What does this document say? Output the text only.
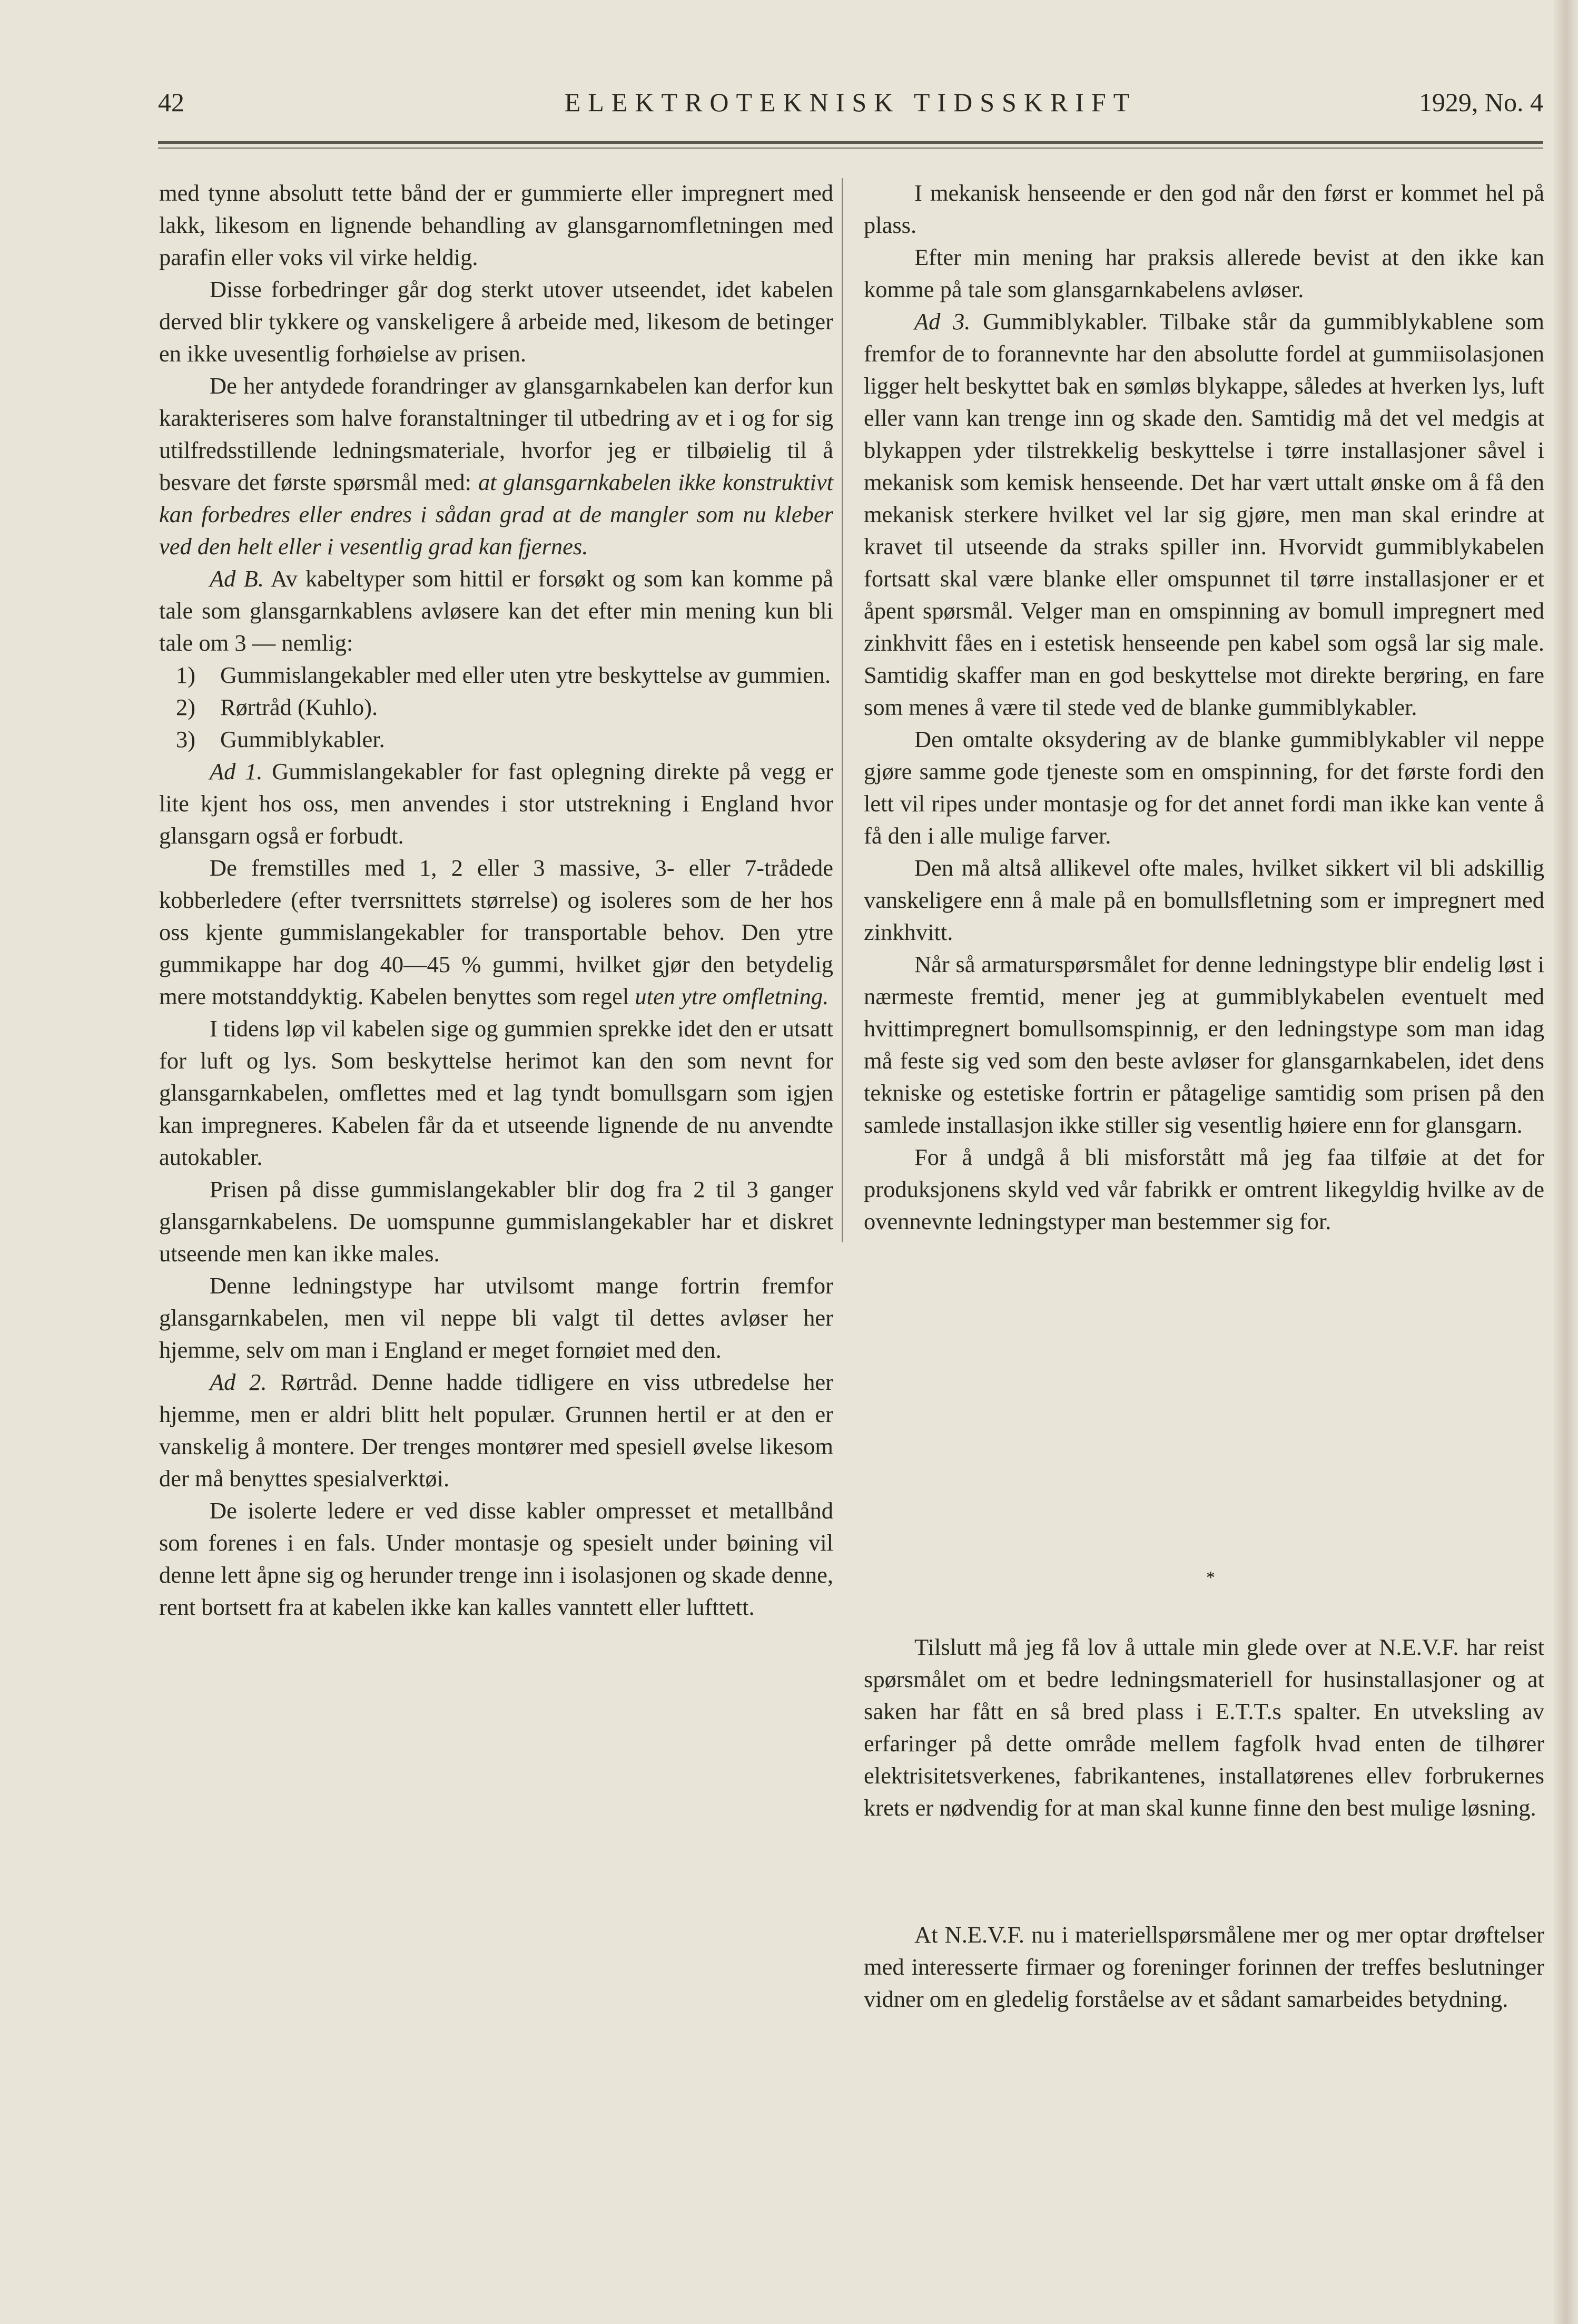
42	ELEKTROTEKNISK TIDSSKRIFT	1929, No. 4

med tynne absolutt tette bånd der er gummierte eller impregnert med lakk, likesom en lignende behandling av glansgarnomfletningen med parafin eller voks vil virke heldig.

Disse forbedringer går dog sterkt utover utseendet, idet kabelen derved blir tykkere og vanskeligere å arbeide med, likesom de betinger en ikke uvesentlig forhøielse av prisen.

De her antydede forandringer av glansgarnkabelen kan derfor kun karakteriseres som halve foranstaltninger til utbedring av et i og for sig utilfredsstillende ledningsmateriale, hvorfor jeg er tilbøielig til å besvare det første spørsmål med: at glansgarnkabelen ikke konstruktivt kan forbedres eller endres i sådan grad at de mangler som nu kleber ved den helt eller i vesentlig grad kan fjernes.

Ad B. Av kabeltyper som hittil er forsøkt og som kan komme på tale som glansgarnkablens avløsere kan det efter min mening kun bli tale om 3 — nemlig:

1) Gummislangekabler med eller uten ytre beskyttelse av gummien.

2) Rørtråd (Kuhlo).

3) Gummiblykabler.

Ad 1. Gummislangekabler for fast oplegning direkte på vegg er lite kjent hos oss, men anvendes i stor utstrekning i England hvor glansgarn også er forbudt.

De fremstilles med 1, 2 eller 3 massive, 3- eller 7-trådede kobberledere (efter tverrsnittets størrelse) og isoleres som de her hos oss kjente gummislangekabler for transportable behov. Den ytre gummikappe har dog 40—45 % gummi, hvilket gjør den betydelig mere motstanddyktig. Kabelen benyttes som regel uten ytre omfletning.

I tidens løp vil kabelen sige og gummien sprekke idet den er utsatt for luft og lys. Som beskyttelse herimot kan den som nevnt for glansgarnkabelen, omflettes med et lag tyndt bomullsgarn som igjen kan impregneres. Kabelen får da et utseende lignende de nu anvendte autokabler.

Prisen på disse gummislangekabler blir dog fra 2 til 3 ganger glansgarnkabelens. De uomspunne gummislangekabler har et diskret utseende men kan ikke males.

Denne ledningstype har utvilsomt mange fortrin fremfor glansgarnkabelen, men vil neppe bli valgt til dettes avløser her hjemme, selv om man i England er meget fornøiet med den.

Ad 2. Rørtråd. Denne hadde tidligere en viss utbredelse her hjemme, men er aldri blitt helt populær. Grunnen hertil er at den er vanskelig å montere. Der trenges montører med spesiell øvelse likesom der må benyttes spesialverktøi.

De isolerte ledere er ved disse kabler ompresset et metallbånd som forenes i en fals. Under montasje og spesielt under bøining vil denne lett åpne sig og herunder trenge inn i isolasjonen og skade denne, rent bortsett fra at kabelen ikke kan kalles vanntett eller lufttett.

I mekanisk henseende er den god når den først er kommet hel på plass.

Efter min mening har praksis allerede bevist at den ikke kan komme på tale som glansgarnkabelens avløser.

Ad 3. Gummiblykabler. Tilbake står da gummiblykablene som fremfor de to forannevnte har den absolutte fordel at gummiisolasjonen ligger helt beskyttet bak en sømløs blykappe, således at hverken lys, luft eller vann kan trenge inn og skade den. Samtidig må det vel medgis at blykappen yder tilstrekkelig beskyttelse i tørre installasjoner såvel i mekanisk som kemisk henseende. Det har vært uttalt ønske om å få den mekanisk sterkere hvilket vel lar sig gjøre, men man skal erindre at kravet til utseende da straks spiller inn. Hvorvidt gummiblykabelen fortsatt skal være blanke eller omspunnet til tørre installasjoner er et åpent spørsmål. Velger man en omspinning av bomull impregnert med zinkhvitt fåes en i estetisk henseende pen kabel som også lar sig male. Samtidig skaffer man en god beskyttelse mot direkte berøring, en fare som menes å være til stede ved de blanke gummiblykabler.

Den omtalte oksydering av de blanke gummiblykabler vil neppe gjøre samme gode tjeneste som en omspinning, for det første fordi den lett vil ripes under montasje og for det annet fordi man ikke kan vente å få den i alle mulige farver.

Den må altså allikevel ofte males, hvilket sikkert vil bli adskillig vanskeligere enn å male på en bomullsfletning som er impregnert med zinkhvitt.

Når så armaturspørsmålet for denne ledningstype blir endelig løst i nærmeste fremtid, mener jeg at gummiblykabelen eventuelt med hvittimpregnert bomullsomspinnig, er den ledningstype som man idag må feste sig ved som den beste avløser for glansgarnkabelen, idet dens tekniske og estetiske fortrin er påtagelige samtidig som prisen på den samlede installasjon ikke stiller sig vesentlig høiere enn for glansgarn.

For å undgå å bli misforstått må jeg faa tilføie at det for produksjonens skyld ved vår fabrikk er omtrent likegyldig hvilke av de ovennevnte ledningstyper man bestemmer sig for.

*

Tilslutt må jeg få lov å uttale min glede over at N.E.V.F. har reist spørsmålet om et bedre ledningsmateriell for husinstallasjoner og at saken har fått en så bred plass i E.T.T.s spalter. En utveksling av erfaringer på dette område mellem fagfolk hvad enten de tilhører elektrisitetsverkenes, fabrikantenes, installatørenes ellev forbrukernes krets er nødvendig for at man skal kunne finne den best mulige løsning.

At N.E.V.F. nu i materiellspørsmålene mer og mer optar drøftelser med interesserte firmaer og foreninger forinnen der treffes beslutninger vidner om en gledelig forståelse av et sådant samarbeides betydning.
